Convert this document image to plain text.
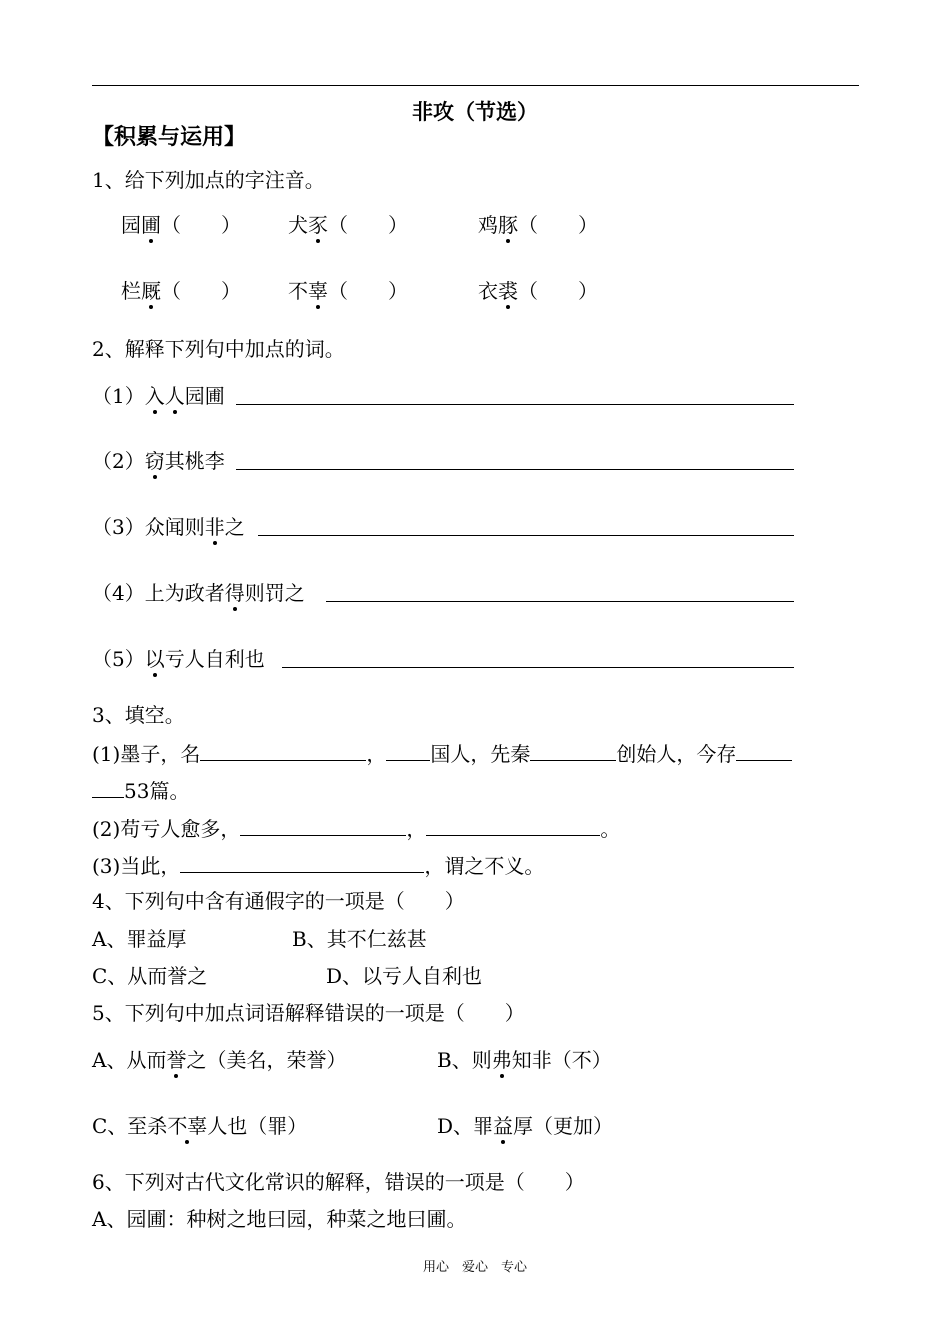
非攻（节选）
【积累与运用】
1、给下列加点的字注音。
园圃（　　） 犬豕（　　）	鸡豚（　　）
栏厩（　　） 不辜（　　）	衣裘（　　）
2、解释下列句中加点的词。
（1）入人园圃
（2）窃其桃李
（3）众闻则非之
（4）上为政者得则罚之
（5）以亏人自利也
3、填空。
(1)墨子，名	， 国人，先秦	创始人，今存
53篇。
(2)苟亏人愈多，	，	。
(3)当此，	，谓之不义。
4、下列句中含有通假字的一项是（　　）
A、罪益厚	B、其不仁兹甚
C、从而誉之	D、以亏人自利也
5、下列句中加点词语解释错误的一项是（　　）
A、从而誉之（美名，荣誉）	B、则弗知非（不）
C、至杀不辜人也（罪）	D、罪益厚（更加）
6、下列对古代文化常识的解释，错误的一项是（　　）
A、园圃：种树之地曰园，种菜之地曰圃。
用心　爱心　专心
